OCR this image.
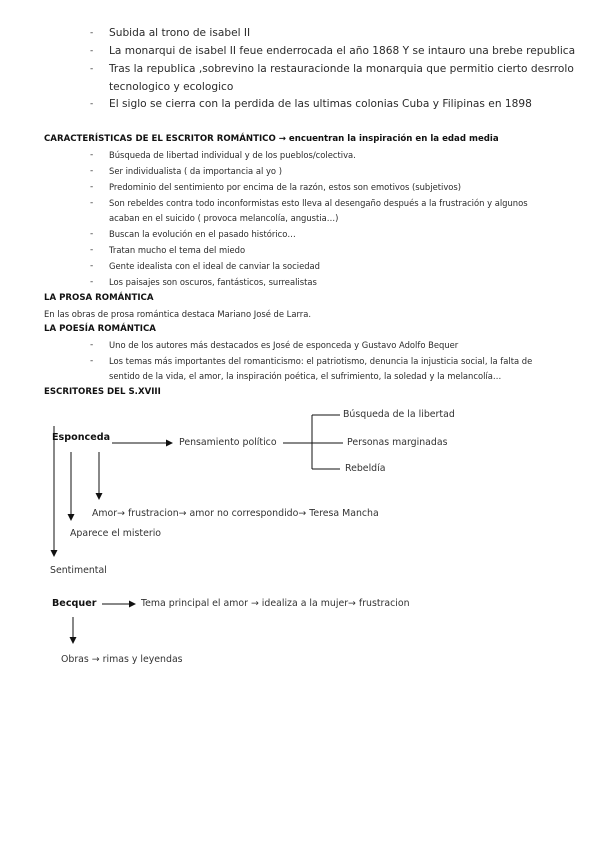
- Subida al trono de isabel II
- La monarqui de isabel II feue enderrocada el año 1868 Y se intauro una brebe republica
- Tras la republica ,sobrevino la restauracionde la monarquia que permitio cierto desrrolo
tecnologico y ecologico
- El siglo se cierra con la perdida de las ultimas colonias Cuba y Filipinas en 1898
CARACTERÍSTICAS DE EL ESCRITOR ROMÁNTICO → encuentran la inspiración en la edad media
- Búsqueda de libertad individual y de los pueblos/colectiva.
- Ser individualista ( da importancia al yo )
- Predominio del sentimiento por encima de la razón, estos son emotivos (subjetivos)
- Son rebeldes contra todo inconformistas esto lleva al desengaño después a la frustración y algunos
acaban en el suicido ( provoca melancolía, angustia…)
- Buscan la evolución en el pasado histórico…
- Tratan mucho el tema del miedo
- Gente idealista con el ideal de canviar la sociedad
- Los paisajes son oscuros, fantásticos, surrealistas
LA PROSA ROMÁNTICA
En las obras de prosa romántica destaca Mariano José de Larra.
LA POESÍA ROMÁNTICA
- Uno de los autores más destacados es José de esponceda y Gustavo Adolfo Bequer
- Los temas más importantes del romanticismo: el patriotismo, denuncia la injusticia social, la falta de
sentido de la vida, el amor, la inspiración poética, el sufrimiento, la soledad y la melancolía…
ESCRITORES DEL S.XVIII
Esponceda	Pensamiento político
Búsqueda de la libertad
Personas marginadas
Rebeldía
Amor→ frustracion→ amor no correspondido→ Teresa Mancha
Aparece el misterio
Sentimental
Becquer	Tema principal el amor → idealiza a la mujer→ frustracion
Obras → rimas y leyendas
